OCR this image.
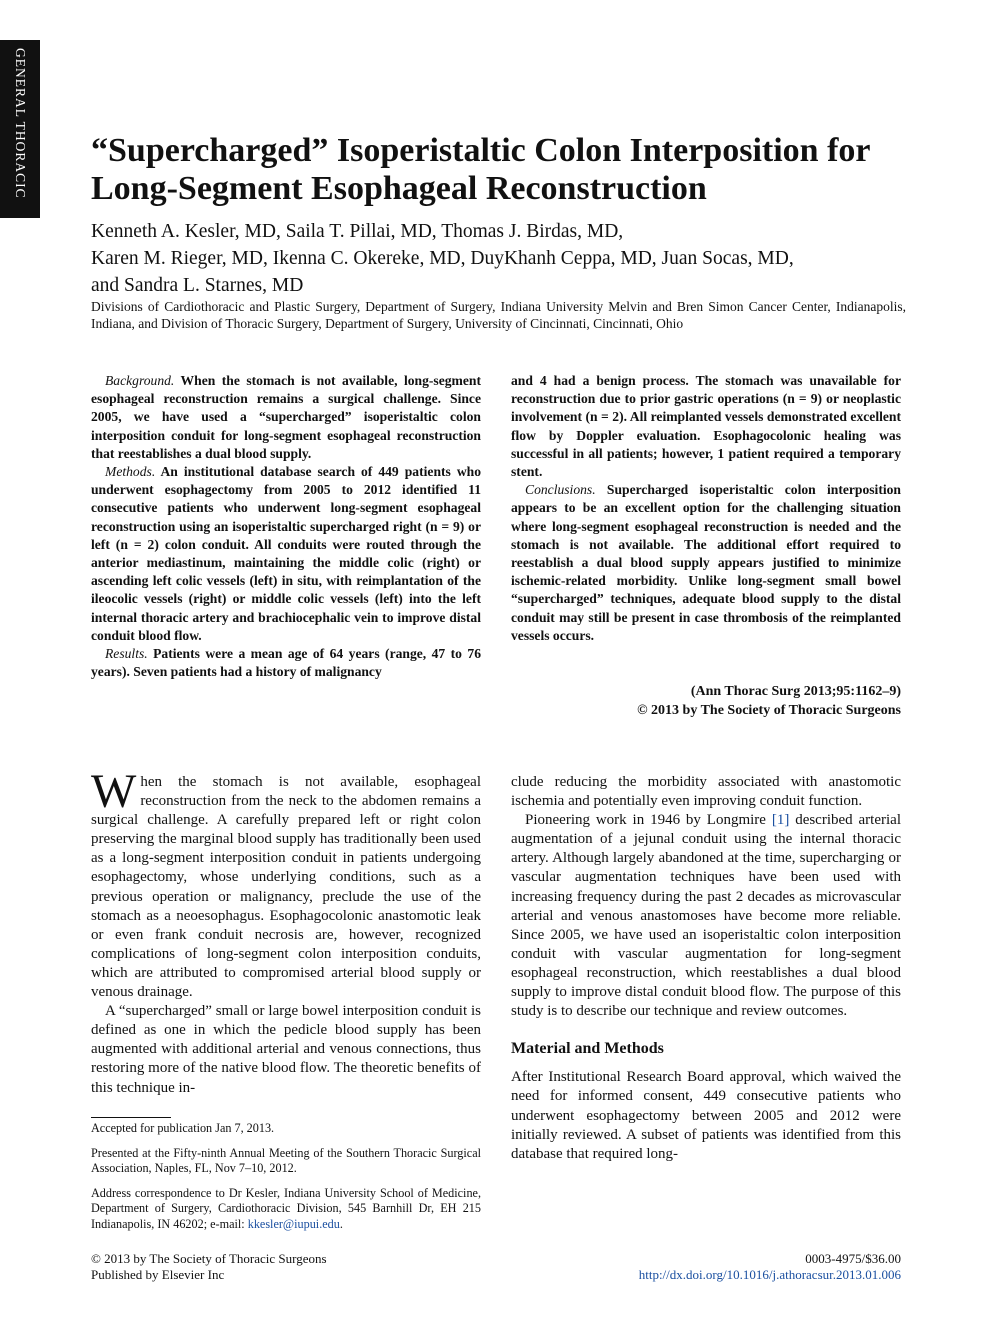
GENERAL THORACIC “Supercharged” Isoperistaltic Colon Interposition for Long-Segment Esophageal Reconstruction
Kenneth A. Kesler, MD, Saila T. Pillai, MD, Thomas J. Birdas, MD,
Karen M. Rieger, MD, Ikenna C. Okereke, MD, DuyKhanh Ceppa, MD, Juan Socas, MD,
and Sandra L. Starnes, MD

Divisions of Cardiothoracic and Plastic Surgery, Department of Surgery, Indiana University Melvin and Bren Simon Cancer Center, Indianapolis, Indiana, and Division of Thoracic Surgery, Department of Surgery, University of Cincinnati, Cincinnati, Ohio

Background. When the stomach is not available, long-segment esophageal reconstruction remains a surgical challenge. Since 2005, we have used a “supercharged” isoperistaltic colon interposition conduit for long-segment esophageal reconstruction that reestablishes a dual blood supply.

Methods. An institutional database search of 449 patients who underwent esophagectomy from 2005 to 2012 identified 11 consecutive patients who underwent long-segment esophageal reconstruction using an isoperistaltic supercharged right (n = 9) or left (n = 2) colon conduit. All conduits were routed through the anterior mediastinum, maintaining the middle colic (right) or ascending left colic vessels (left) in situ, with reimplantation of the ileocolic vessels (right) or middle colic vessels (left) into the left internal thoracic artery and brachiocephalic vein to improve distal conduit blood flow.

Results. Patients were a mean age of 64 years (range, 47 to 76 years). Seven patients had a history of malignancy

and 4 had a benign process. The stomach was unavailable for reconstruction due to prior gastric operations (n = 9) or neoplastic involvement (n = 2). All reimplanted vessels demonstrated excellent flow by Doppler evaluation. Esophagocolonic healing was successful in all patients; however, 1 patient required a temporary stent.

Conclusions. Supercharged isoperistaltic colon interposition appears to be an excellent option for the challenging situation where long-segment esophageal reconstruction is needed and the stomach is not available. The additional effort required to reestablish a dual blood supply appears justified to minimize ischemic-related morbidity. Unlike long-segment small bowel “supercharged” techniques, adequate blood supply to the distal conduit may still be present in case thrombosis of the reimplanted vessels occurs.

(Ann Thorac Surg 2013;95:1162–9)
© 2013 by The Society of Thoracic Surgeons

When the stomach is not available, esophageal reconstruction from the neck to the abdomen remains a surgical challenge. A carefully prepared left or right colon preserving the marginal blood supply has traditionally been used as a long-segment interposition conduit in patients undergoing esophagectomy, whose underlying conditions, such as a previous operation or malignancy, preclude the use of the stomach as a neoesophagus. Esophagocolonic anastomotic leak or even frank conduit necrosis are, however, recognized complications of long-segment colon interposition conduits, which are attributed to compromised arterial blood supply or venous drainage.

A “supercharged” small or large bowel interposition conduit is defined as one in which the pedicle blood supply has been augmented with additional arterial and venous connections, thus restoring more of the native blood flow. The theoretic benefits of this technique in-

clude reducing the morbidity associated with anastomotic ischemia and potentially even improving conduit function.

Pioneering work in 1946 by Longmire [1] described arterial augmentation of a jejunal conduit using the internal thoracic artery. Although largely abandoned at the time, supercharging or vascular augmentation techniques have been used with increasing frequency during the past 2 decades as microvascular arterial and venous anastomoses have become more reliable. Since 2005, we have used an isoperistaltic colon interposition conduit with vascular augmentation for long-segment esophageal reconstruction, which reestablishes a dual blood supply to improve distal conduit blood flow. The purpose of this study is to describe our technique and review outcomes.

Material and Methods

After Institutional Research Board approval, which waived the need for informed consent, 449 consecutive patients who underwent esophagectomy between 2005 and 2012 were initially reviewed. A subset of patients was identified from this database that required long-

Accepted for publication Jan 7, 2013.

Presented at the Fifty-ninth Annual Meeting of the Southern Thoracic Surgical Association, Naples, FL, Nov 7–10, 2012.

Address correspondence to Dr Kesler, Indiana University School of Medicine, Department of Surgery, Cardiothoracic Division, 545 Barnhill Dr, EH 215 Indianapolis, IN 46202; e-mail: kkesler@iupui.edu.

© 2013 by The Society of Thoracic Surgeons
Published by Elsevier Inc
0003-4975/$36.00
http://dx.doi.org/10.1016/j.athoracsur.2013.01.006
